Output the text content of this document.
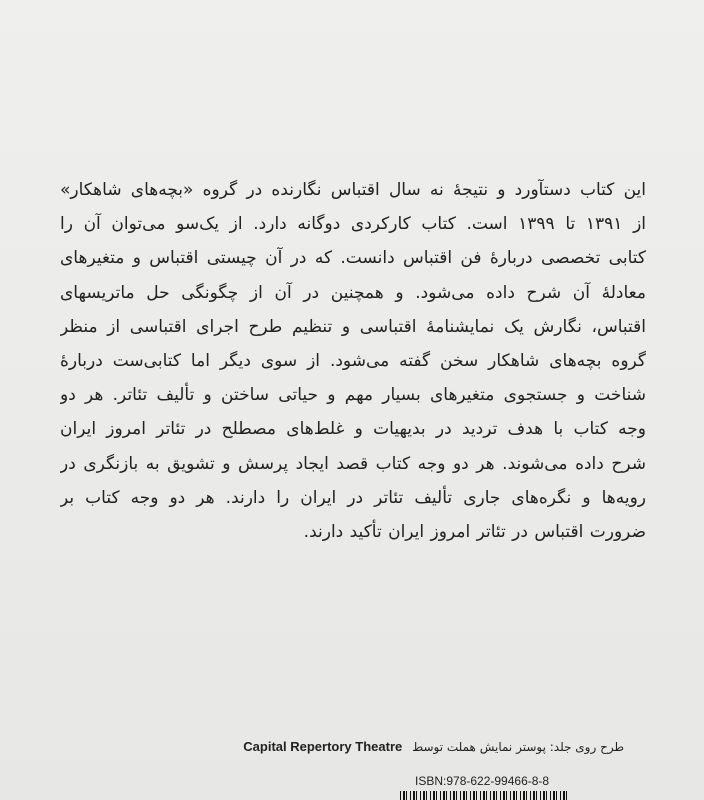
این کتاب دستآورد و نتیجهٔ نه سال اقتباس نگارنده در گروه «بچه‌های شاهکار»
از ۱۳۹۱ تا ۱۳۹۹ است. کتاب کارکردی دوگانه دارد. از یک‌سو می‌توان آن را
کتابی تخصصی دربارهٔ فن اقتباس دانست. که در آن چیستی اقتباس و متغیرهای
معادلهٔ آن شرح داده می‌شود. و همچنین در آن از چگونگی حل ماتریسهای
اقتباس، نگارش یک نمایشنامهٔ اقتباسی و تنظیم طرح اجرای اقتباسی از منظر
گروه بچه‌های شاهکار سخن گفته می‌شود. از سوی دیگر اما کتابی‌ست دربارهٔ
شناخت و جستجوی متغیرهای بسیار مهم و حیاتی ساختن و تألیف تئاتر. هر دو
وجه کتاب با هدف تردید در بدیهیات و غلط‌های مصطلح در تئاتر امروز ایران
شرح داده می‌شوند. هر دو وجه کتاب قصد ایجاد پرسش و تشویق به بازنگری در
رویه‌ها و نگره‌های جاری تألیف تئاتر در ایران را دارند. هر دو وجه کتاب بر
ضرورت اقتباس در تئاتر امروز ایران تأکید دارند.
طرح روی جلد: پوستر نمایش هملت توسط Capital Repertory Theatre
ISBN:978-622-99466-8-8
